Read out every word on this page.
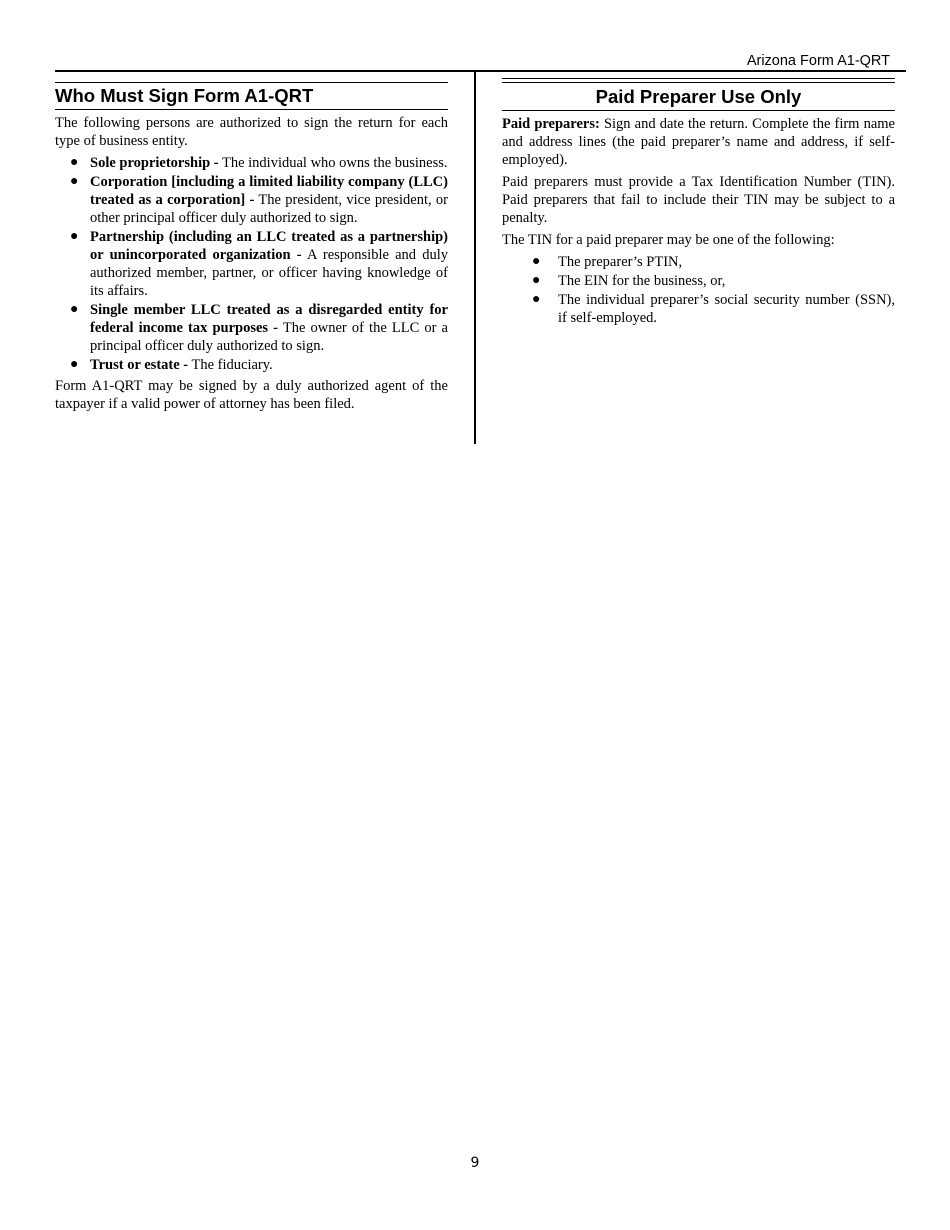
Arizona Form A1-QRT
Who Must Sign Form A1-QRT

The following persons are authorized to sign the return for each type of business entity.

● Sole proprietorship - The individual who owns the business.
● Corporation [including a limited liability company (LLC) treated as a corporation] - The president, vice president, or other principal officer duly authorized to sign.
● Partnership (including an LLC treated as a partnership) or unincorporated organization - A responsible and duly authorized member, partner, or officer having knowledge of its affairs.
● Single member LLC treated as a disregarded entity for federal income tax purposes - The owner of the LLC or a principal officer duly authorized to sign.
● Trust or estate - The fiduciary.

Form A1-QRT may be signed by a duly authorized agent of the taxpayer if a valid power of attorney has been filed.

Paid Preparer Use Only

Paid preparers: Sign and date the return. Complete the firm name and address lines (the paid preparer’s name and address, if self-employed).

Paid preparers must provide a Tax Identification Number (TIN). Paid preparers that fail to include their TIN may be subject to a penalty.

The TIN for a paid preparer may be one of the following:

● The preparer’s PTIN,
● The EIN for the business, or,
● The individual preparer’s social security number (SSN), if self-employed.
9
